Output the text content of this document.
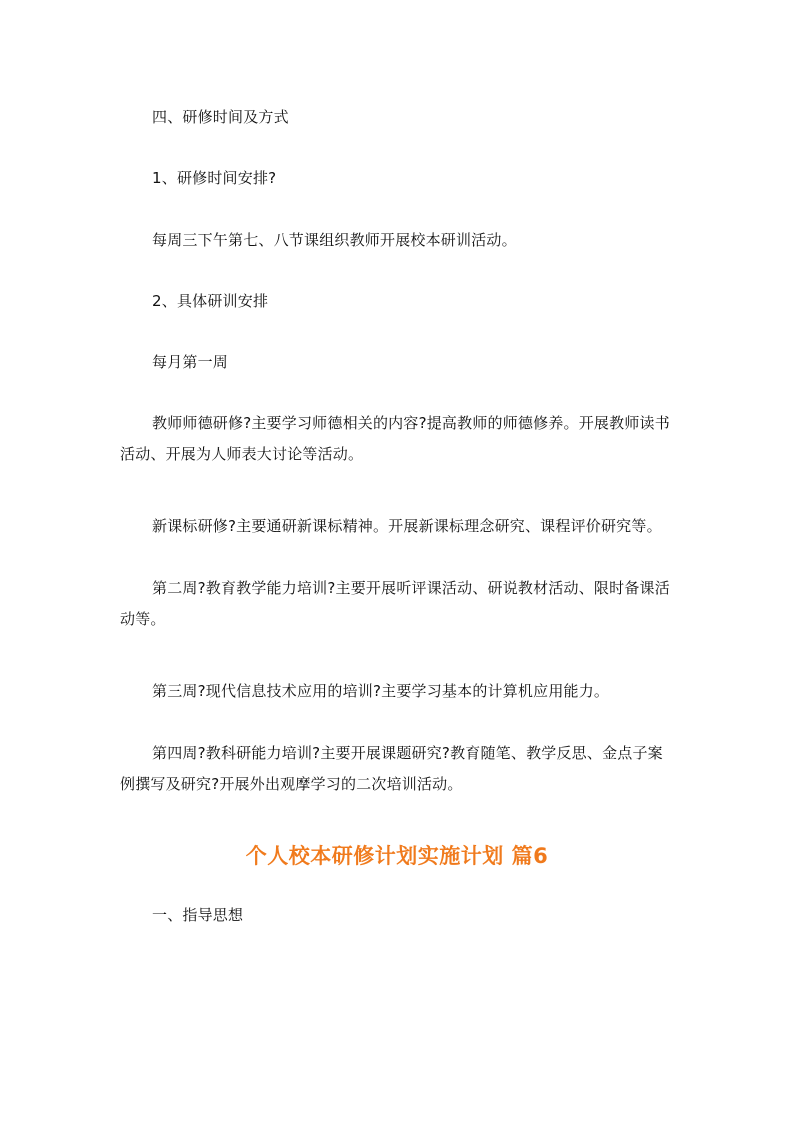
四、研修时间及方式

1、研修时间安排?

每周三下午第七、八节课组织教师开展校本研训活动。

2、具体研训安排

每月第一周

教师师德研修?主要学习师德相关的内容?提高教师的师德修养。开展教师读书活动、开展为人师表大讨论等活动。

新课标研修?主要通研新课标精神。开展新课标理念研究、课程评价研究等。

第二周?教育教学能力培训?主要开展听评课活动、研说教材活动、限时备课活动等。

第三周?现代信息技术应用的培训?主要学习基本的计算机应用能力。

第四周?教科研能力培训?主要开展课题研究?教育随笔、教学反思、金点子案例撰写及研究?开展外出观摩学习的二次培训活动。

个人校本研修计划实施计划 篇6

一、指导思想
